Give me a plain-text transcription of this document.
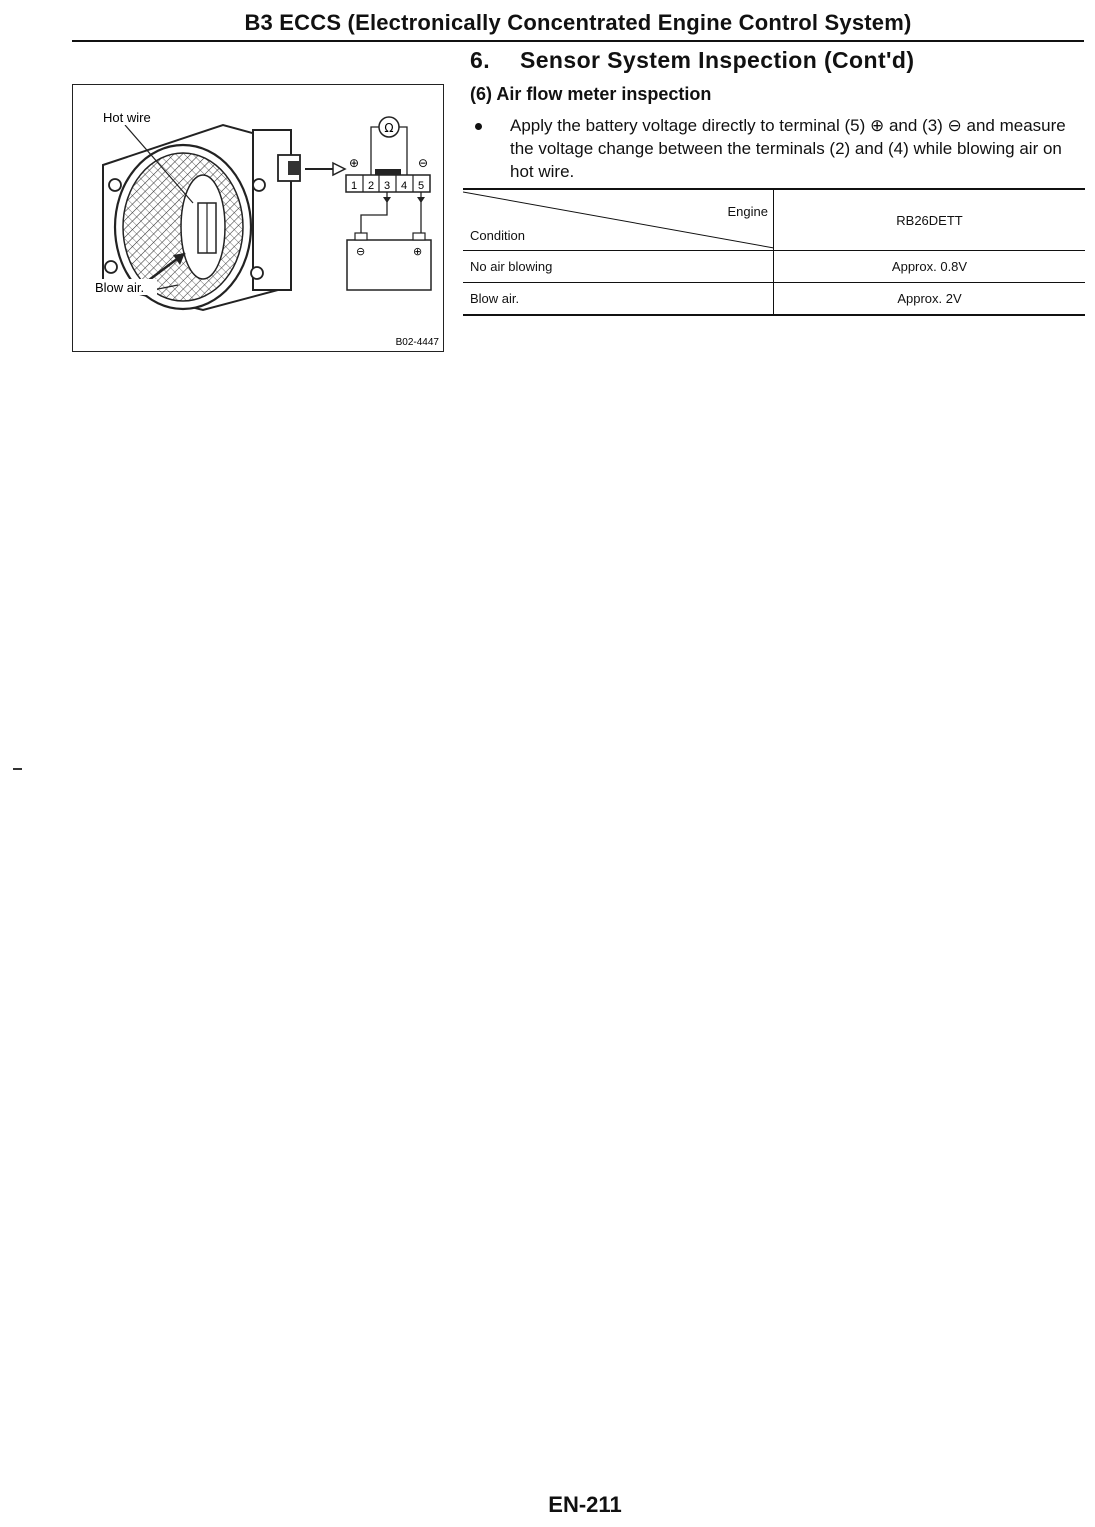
B3 ECCS (Electronically Concentrated Engine Control System)
6. Sensor System Inspection (Cont'd)
(6) Air flow meter inspection
Apply the battery voltage directly to terminal (5) ⊕ and (3) ⊖ and measure the voltage change between the terminals (2) and (4) while blowing air on hot wire.
1 2 3 4 5
Ω
⊕	⊖
⊖	⊕
Hot wire
Blow air.
B02-4447
Engine
Condition	RB26DETT
No air blowing	Approx. 0.8V
Blow air.	Approx. 2V
EN-211
